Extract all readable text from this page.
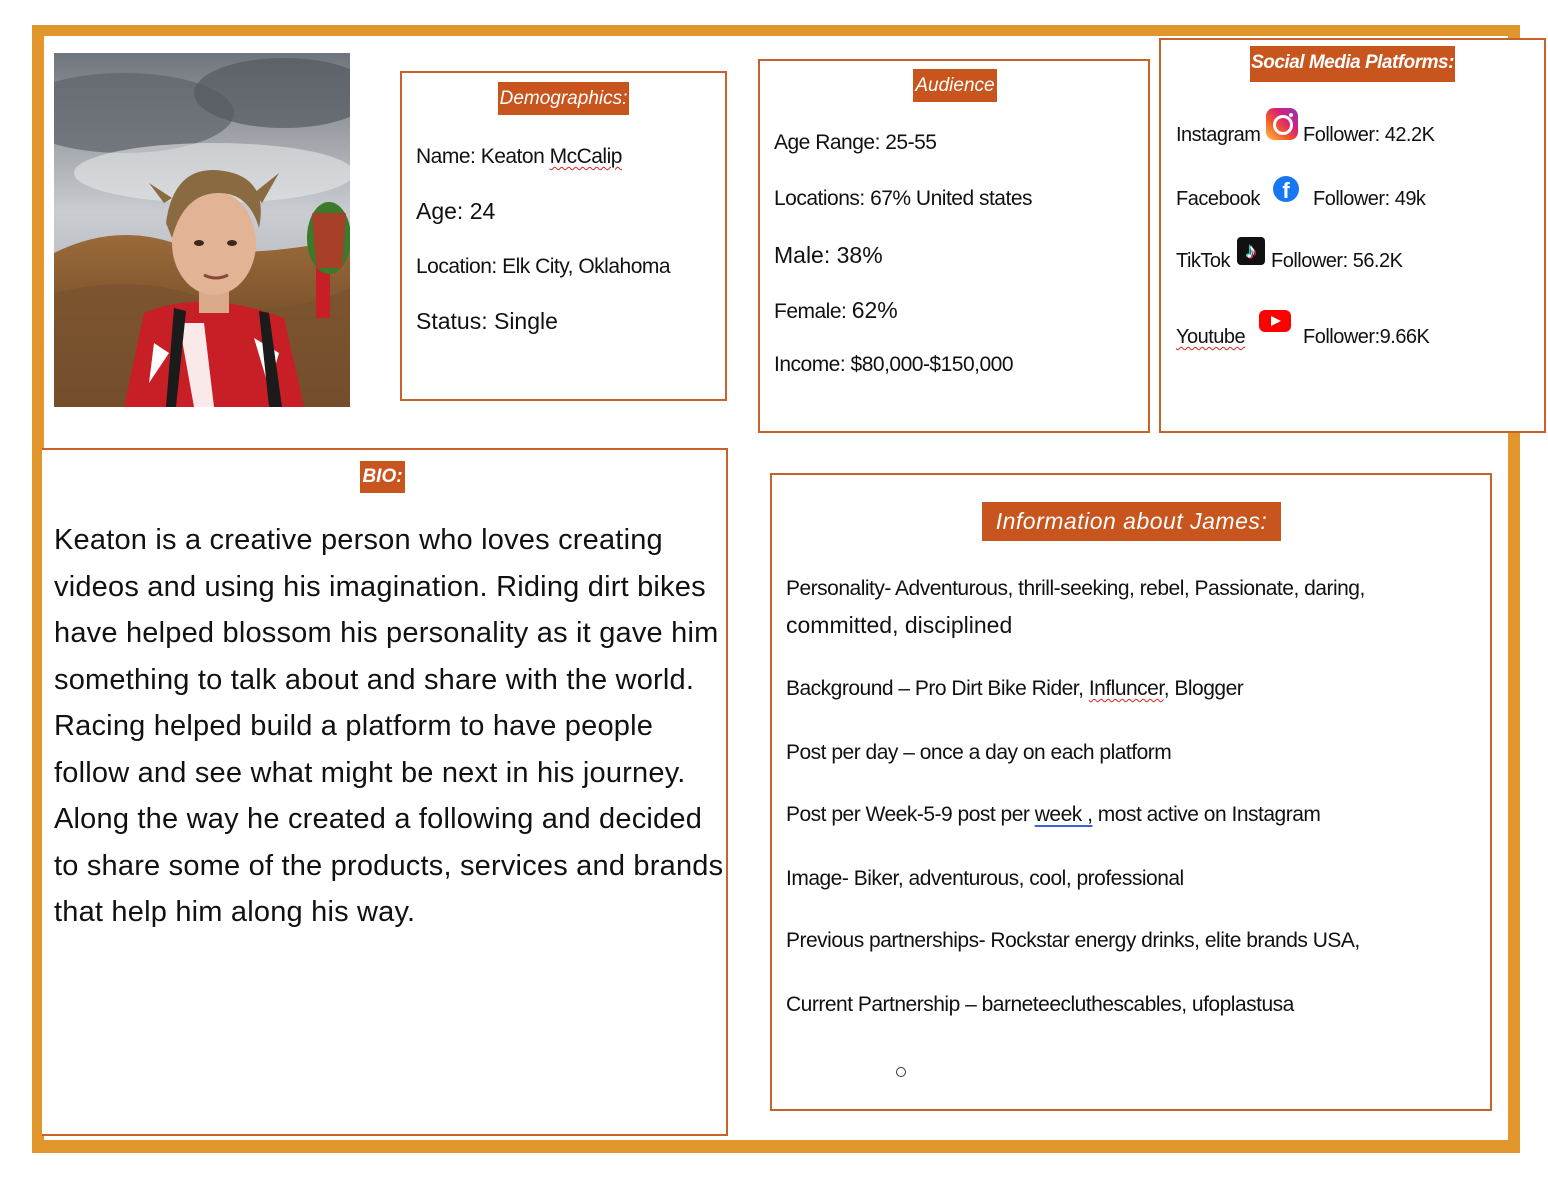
Demographics:
Name: Keaton McCalip
Age: 24
Location: Elk City, Oklahoma
Status: Single
Audience
Age Range: 25-55
Locations: 67% United states
Male: 38%
Female: 62%
Income: $80,000-$150,000
Social Media Platforms:
Instagram Follower: 42.2K
Facebook	f	Follower: 49k
TikTok ♪ Follower: 56.2K
Youtube	Follower:9.66K
BIO:
Keaton is a creative person who loves creating
videos and using his imagination. Riding dirt bikes
have helped blossom his personality as it gave him
something to talk about and share with the world.
Racing helped build a platform to have people
follow and see what might be next in his journey.
Along the way he created a following and decided
to share some of the products, services and brands
that help him along his way.
Information about James:
Personality- Adventurous, thrill-seeking, rebel, Passionate, daring,
committed, disciplined
Background – Pro Dirt Bike Rider, Influncer, Blogger
Post per day – once a day on each platform
Post per Week-5-9 post per week , most active on Instagram
Image- Biker, adventurous, cool, professional
Previous partnerships- Rockstar energy drinks, elite brands USA,
Current Partnership – barneteecluthescables, ufoplastusa
